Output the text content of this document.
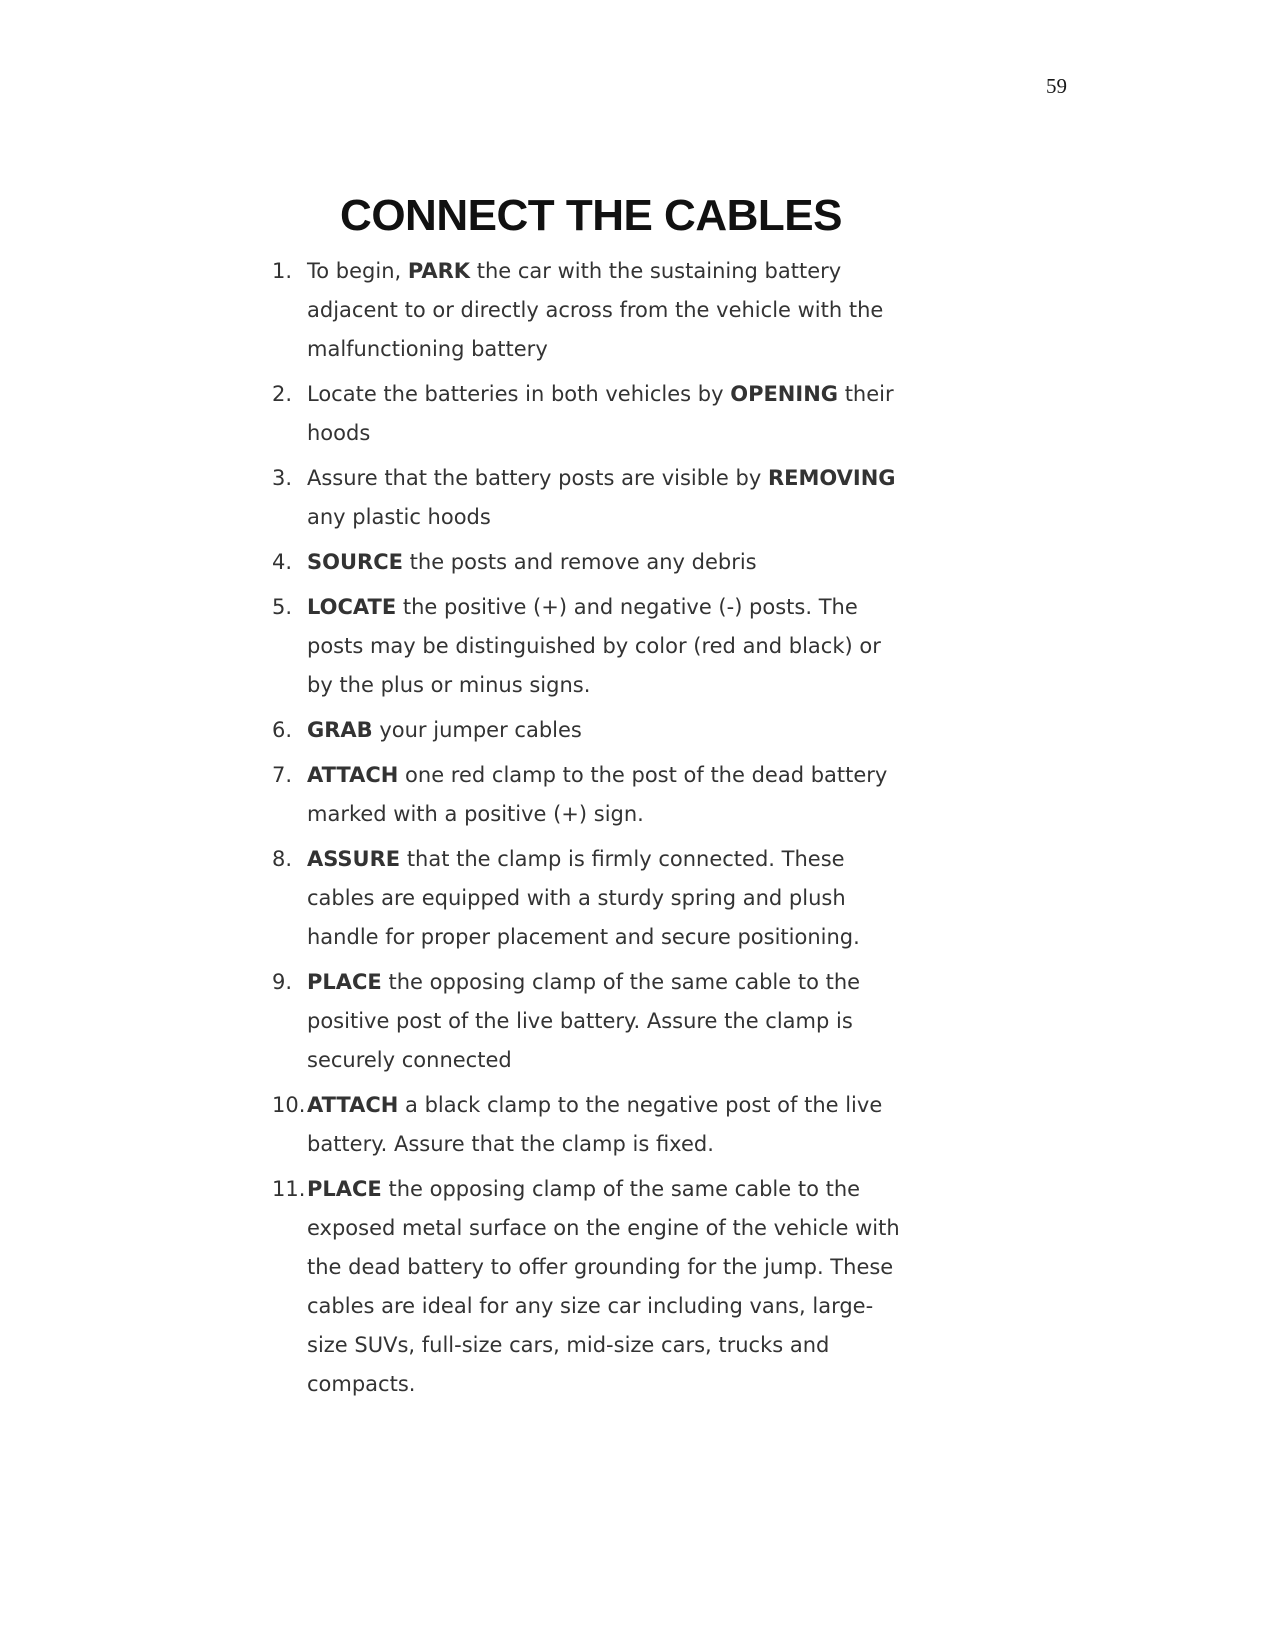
59
CONNECT THE CABLES
1. To begin, PARK the car with the sustaining battery adjacent to or directly across from the vehicle with the malfunctioning battery
2. Locate the batteries in both vehicles by OPENING their hoods
3. Assure that the battery posts are visible by REMOVING any plastic hoods
4. SOURCE the posts and remove any debris
5. LOCATE the positive (+) and negative (-) posts. The posts may be distinguished by color (red and black) or by the plus or minus signs.
6. GRAB your jumper cables
7. ATTACH one red clamp to the post of the dead battery marked with a positive (+) sign.
8. ASSURE that the clamp is firmly connected. These cables are equipped with a sturdy spring and plush handle for proper placement and secure positioning.
9. PLACE the opposing clamp of the same cable to the positive post of the live battery. Assure the clamp is securely connected
10. ATTACH a black clamp to the negative post of the live battery. Assure that the clamp is fixed.
11. PLACE the opposing clamp of the same cable to the exposed metal surface on the engine of the vehicle with the dead battery to offer grounding for the jump. These cables are ideal for any size car including vans, large-size SUVs, full-size cars, mid-size cars, trucks and compacts.
